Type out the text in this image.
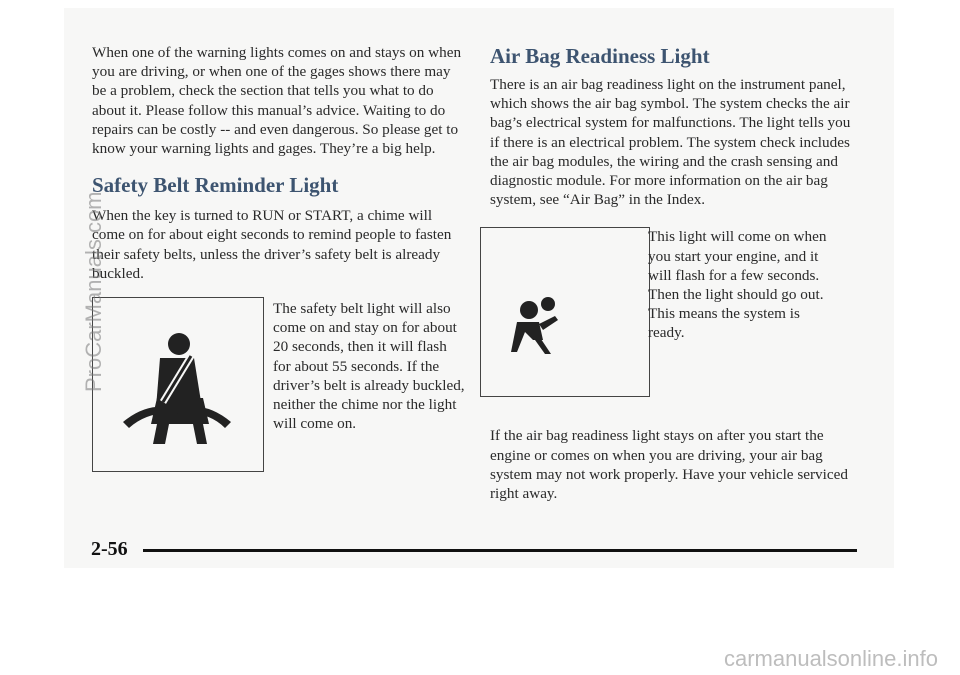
When one of the warning lights comes on and stays on when you are driving, or when one of the gages shows there may be a problem, check the section that tells you what to do about it. Please follow this manual’s advice. Waiting to do repairs can be costly -- and even dangerous. So please get to know your warning lights and gages. They’re a big help.

Safety Belt Reminder Light

When the key is turned to RUN or START, a chime will come on for about eight seconds to remind people to fasten their safety belts, unless the driver’s safety belt is already buckled.

The safety belt light will also come on and stay on for about 20 seconds, then it will flash for about 55 seconds. If the driver’s belt is already buckled, neither the chime nor the light will come on.

Air Bag Readiness Light

There is an air bag readiness light on the instrument panel, which shows the air bag symbol. The system checks the air bag’s electrical system for malfunctions. The light tells you if there is an electrical problem. The system check includes the air bag modules, the wiring and the crash sensing and diagnostic module. For more information on the air bag system, see “Air Bag” in the Index.

This light will come on when you start your engine, and it will flash for a few seconds. Then the light should go out. This means the system is ready.

If the air bag readiness light stays on after you start the engine or comes on when you are driving, your air bag system may not work properly. Have your vehicle serviced right away.

2-56
ProCarManuals.com
carmanualsonline.info
